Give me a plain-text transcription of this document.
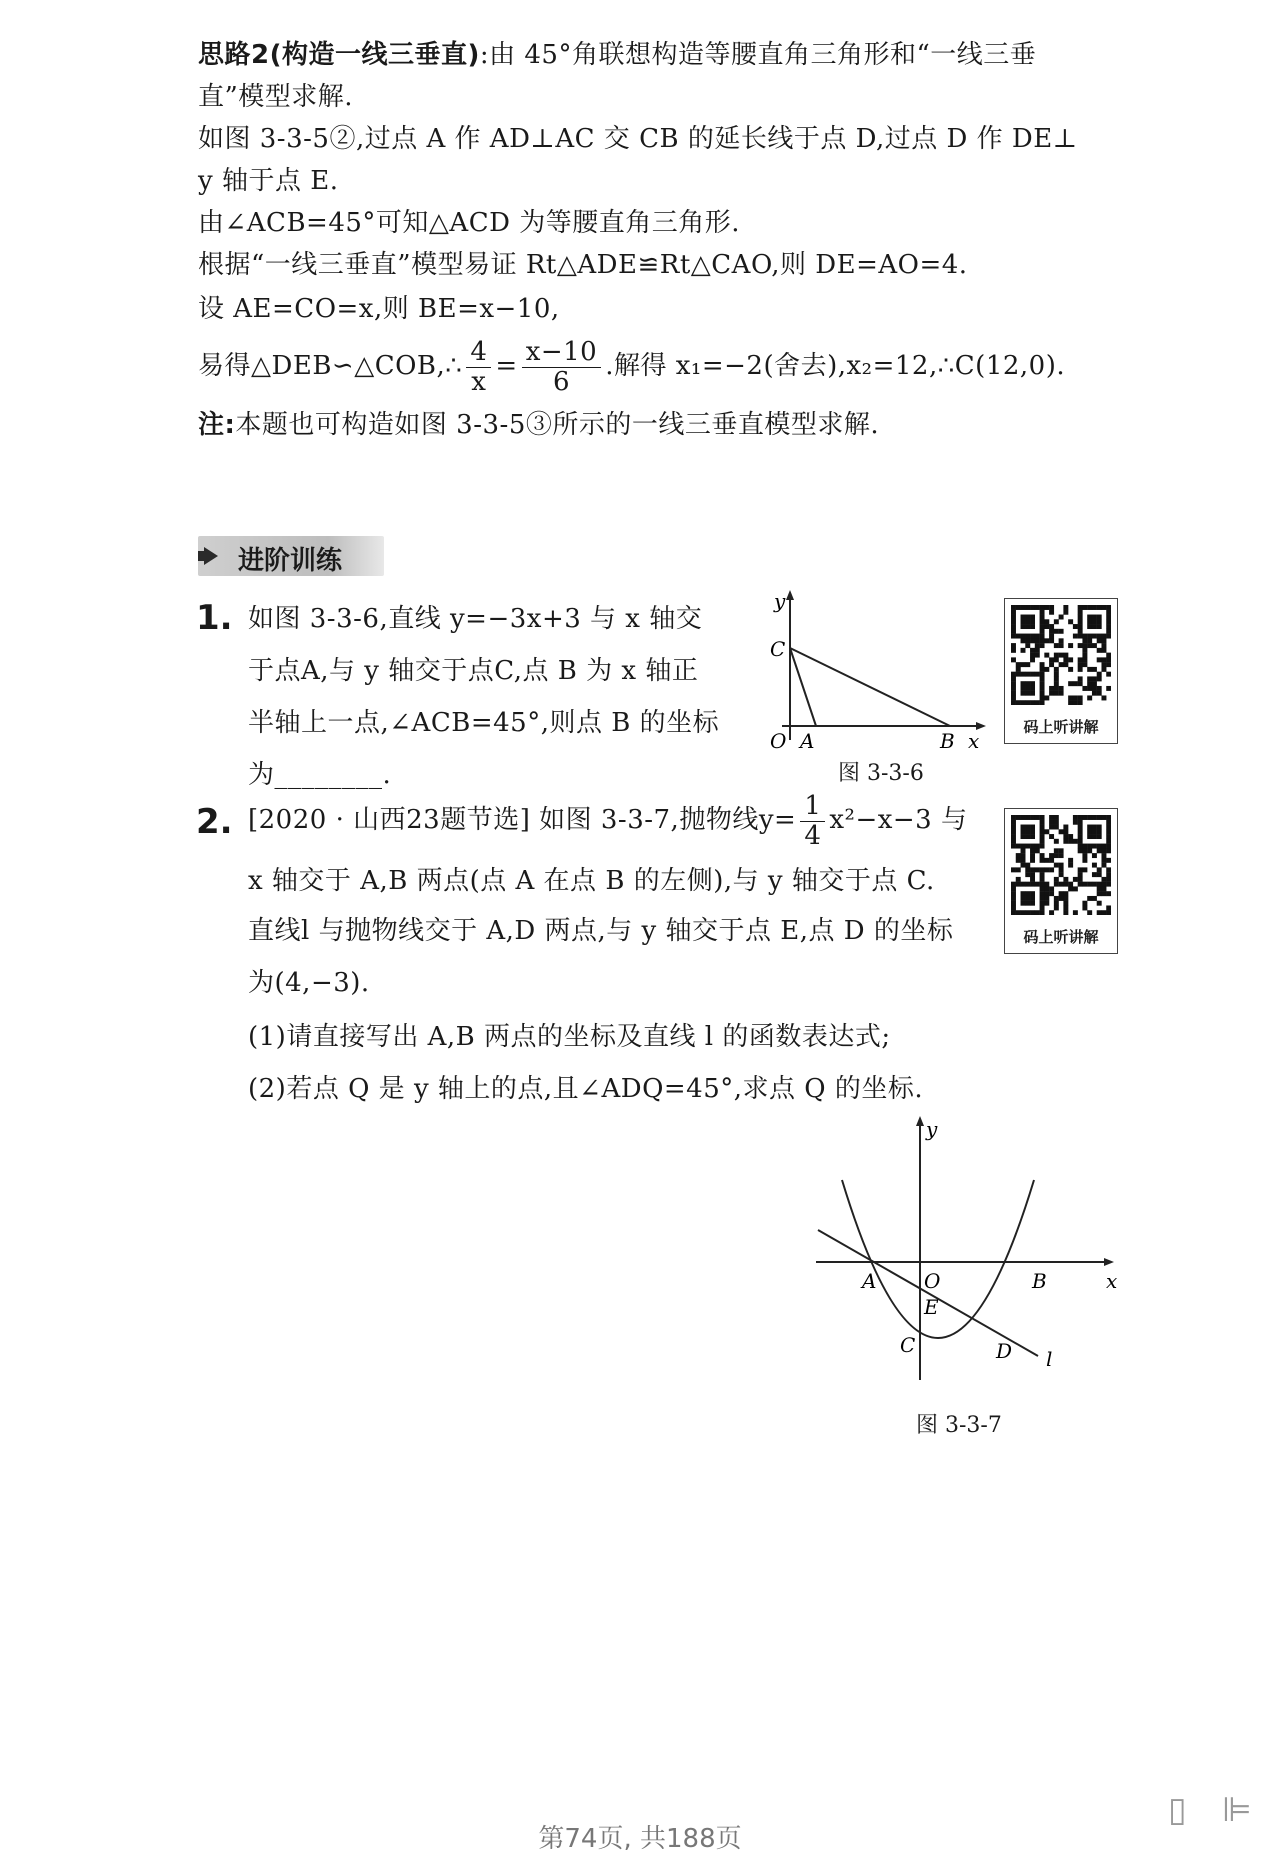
思路2(构造一线三垂直):由 45°角联想构造等腰直角三角形和“一线三垂
直”模型求解.
如图 3-3-5②,过点 A 作 AD⊥AC 交 CB 的延长线于点 D,过点 D 作 DE⊥
y 轴于点 E.
由∠ACB=45°可知△ACD 为等腰直角三角形.
根据“一线三垂直”模型易证 Rt△ADE≌Rt△CAO,则 DE=AO=4.
设 AE=CO=x,则 BE=x−10,
易得△DEB∽△COB,∴ $\frac{4}{x} = \frac{x-10}{6}$ .解得 x₁=−2(舍去),x₂=12,∴C(12,0).
注:本题也可构造如图 3-3-5③所示的一线三垂直模型求解.
进阶训练
1. 如图 3-3-6,直线 y=−3x+3 与 x 轴交
于点A,与 y 轴交于点C,点 B 为 x 轴正
半轴上一点,∠ACB=45°,则点 B 的坐标
为________.
y
C
O A	B x
图 3-3-6
码上听讲解
2. [2020 · 山西23题节选] 如图 3-3-7,抛物线$y= \frac{1}{4} x^2-x-3$ 与
x 轴交于 A,B 两点(点 A 在点 B 的左侧),与 y 轴交于点 C.
直线l 与抛物线交于 A,D 两点,与 y 轴交于点 E,点 D 的坐标
为(4,−3).
(1)请直接写出 A,B 两点的坐标及直线 l 的函数表达式;
(2)若点 Q 是 y 轴上的点,且∠ADQ=45°,求点 Q 的坐标.
码上听讲解
y
x
O
A	B
E
C	D l
图 3-3-7
▯ ⊫
第74页, 共188页
